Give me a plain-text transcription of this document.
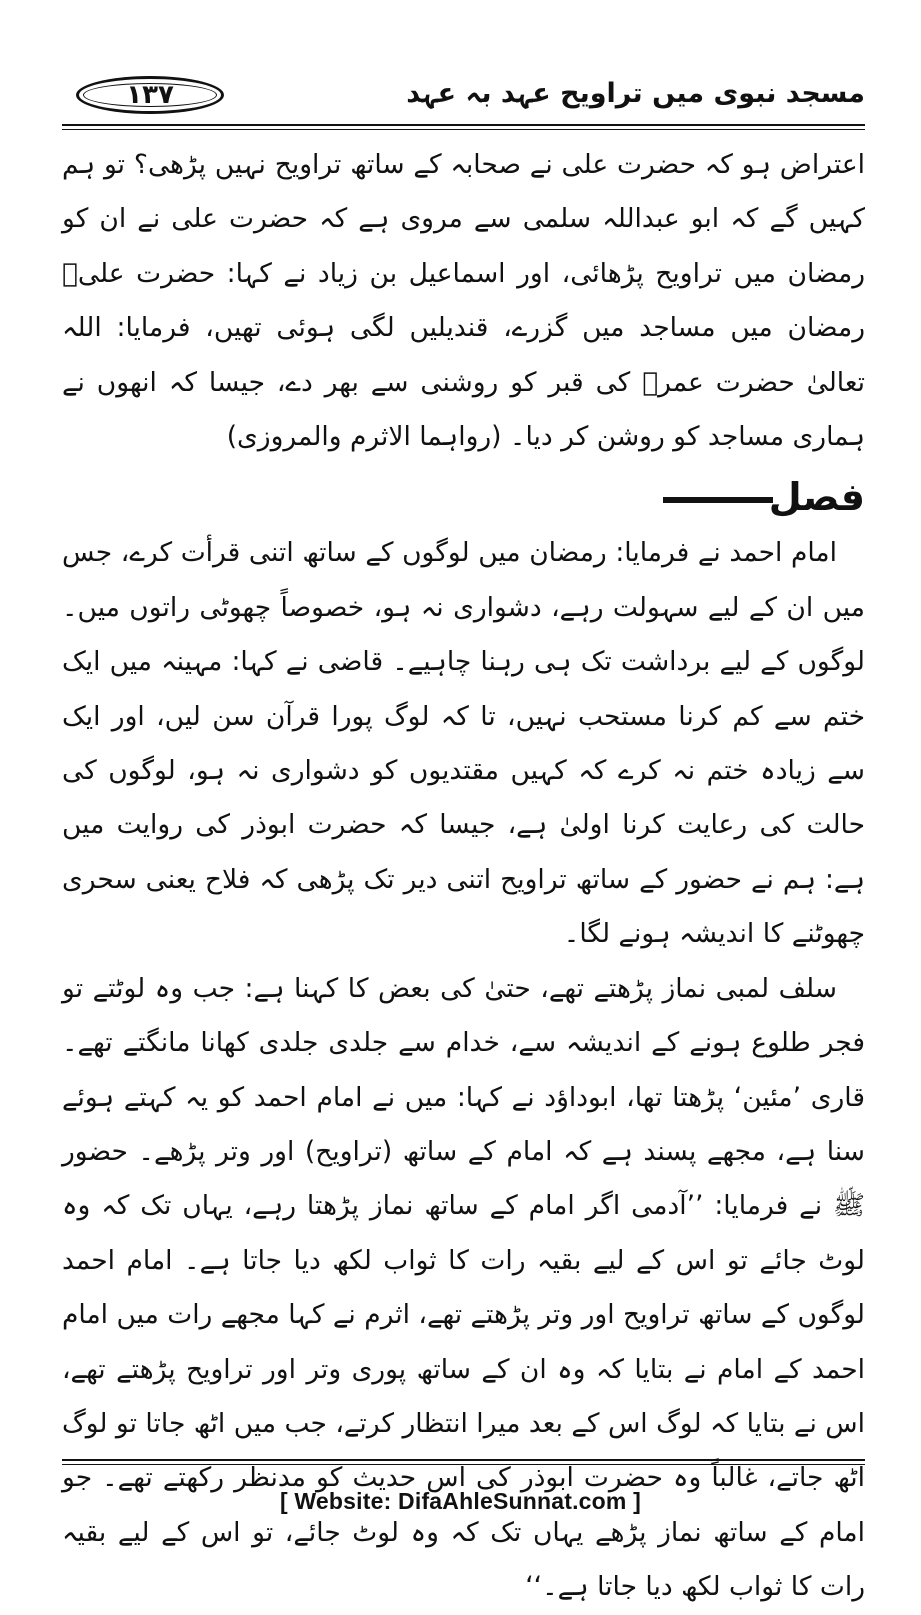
۱۳۷	مسجد نبوی میں تراویح عہد بہ عہد

اعتراض ہو کہ حضرت علی نے صحابہ کے ساتھ تراویح نہیں پڑھی؟ تو ہم کہیں گے کہ ابو عبداللہ سلمی سے مروی ہے کہ حضرت علی نے ان کو رمضان میں تراویح پڑھائی، اور اسماعیل بن زیاد نے کہا: حضرت علیؓ رمضان میں مساجد میں گزرے، قندیلیں لگی ہوئی تھیں، فرمایا: اللہ تعالیٰ حضرت عمرؓ کی قبر کو روشنی سے بھر دے، جیسا کہ انھوں نے ہماری مساجد کو روشن کر دیا۔ (رواہما الاثرم والمروزی)

فصل

امام احمد نے فرمایا: رمضان میں لوگوں کے ساتھ اتنی قرأت کرے، جس میں ان کے لیے سہولت رہے، دشواری نہ ہو، خصوصاً چھوٹی راتوں میں۔ لوگوں کے لیے برداشت تک ہی رہنا چاہیے۔ قاضی نے کہا: مہینہ میں ایک ختم سے کم کرنا مستحب نہیں، تا کہ لوگ پورا قرآن سن لیں، اور ایک سے زیادہ ختم نہ کرے کہ کہیں مقتدیوں کو دشواری نہ ہو، لوگوں کی حالت کی رعایت کرنا اولیٰ ہے، جیسا کہ حضرت ابوذر کی روایت میں ہے: ہم نے حضور کے ساتھ تراویح اتنی دیر تک پڑھی کہ فلاح یعنی سحری چھوٹنے کا اندیشہ ہونے لگا۔

سلف لمبی نماز پڑھتے تھے، حتیٰ کی بعض کا کہنا ہے: جب وہ لوٹتے تو فجر طلوع ہونے کے اندیشہ سے، خدام سے جلدی جلدی کھانا مانگتے تھے۔ قاری ’مئین‘ پڑھتا تھا، ابوداؤد نے کہا: میں نے امام احمد کو یہ کہتے ہوئے سنا ہے، مجھے پسند ہے کہ امام کے ساتھ (تراویح) اور وتر پڑھے۔ حضور ﷺ نے فرمایا: ’’آدمی اگر امام کے ساتھ نماز پڑھتا رہے، یہاں تک کہ وہ لوٹ جائے تو اس کے لیے بقیہ رات کا ثواب لکھ دیا جاتا ہے۔ امام احمد لوگوں کے ساتھ تراویح اور وتر پڑھتے تھے، اثرم نے کہا مجھے رات میں امام احمد کے امام نے بتایا کہ وہ ان کے ساتھ پوری وتر اور تراویح پڑھتے تھے، اس نے بتایا کہ لوگ اس کے بعد میرا انتظار کرتے، جب میں اٹھ جاتا تو لوگ اٹھ جاتے، غالباً وہ حضرت ابوذر کی اس حدیث کو مدنظر رکھتے تھے۔ جو امام کے ساتھ نماز پڑھے یہاں تک کہ وہ لوٹ جائے، تو اس کے لیے بقیہ رات کا ثواب لکھ دیا جاتا ہے۔‘‘

[ Website: DifaAhleSunnat.com ]
